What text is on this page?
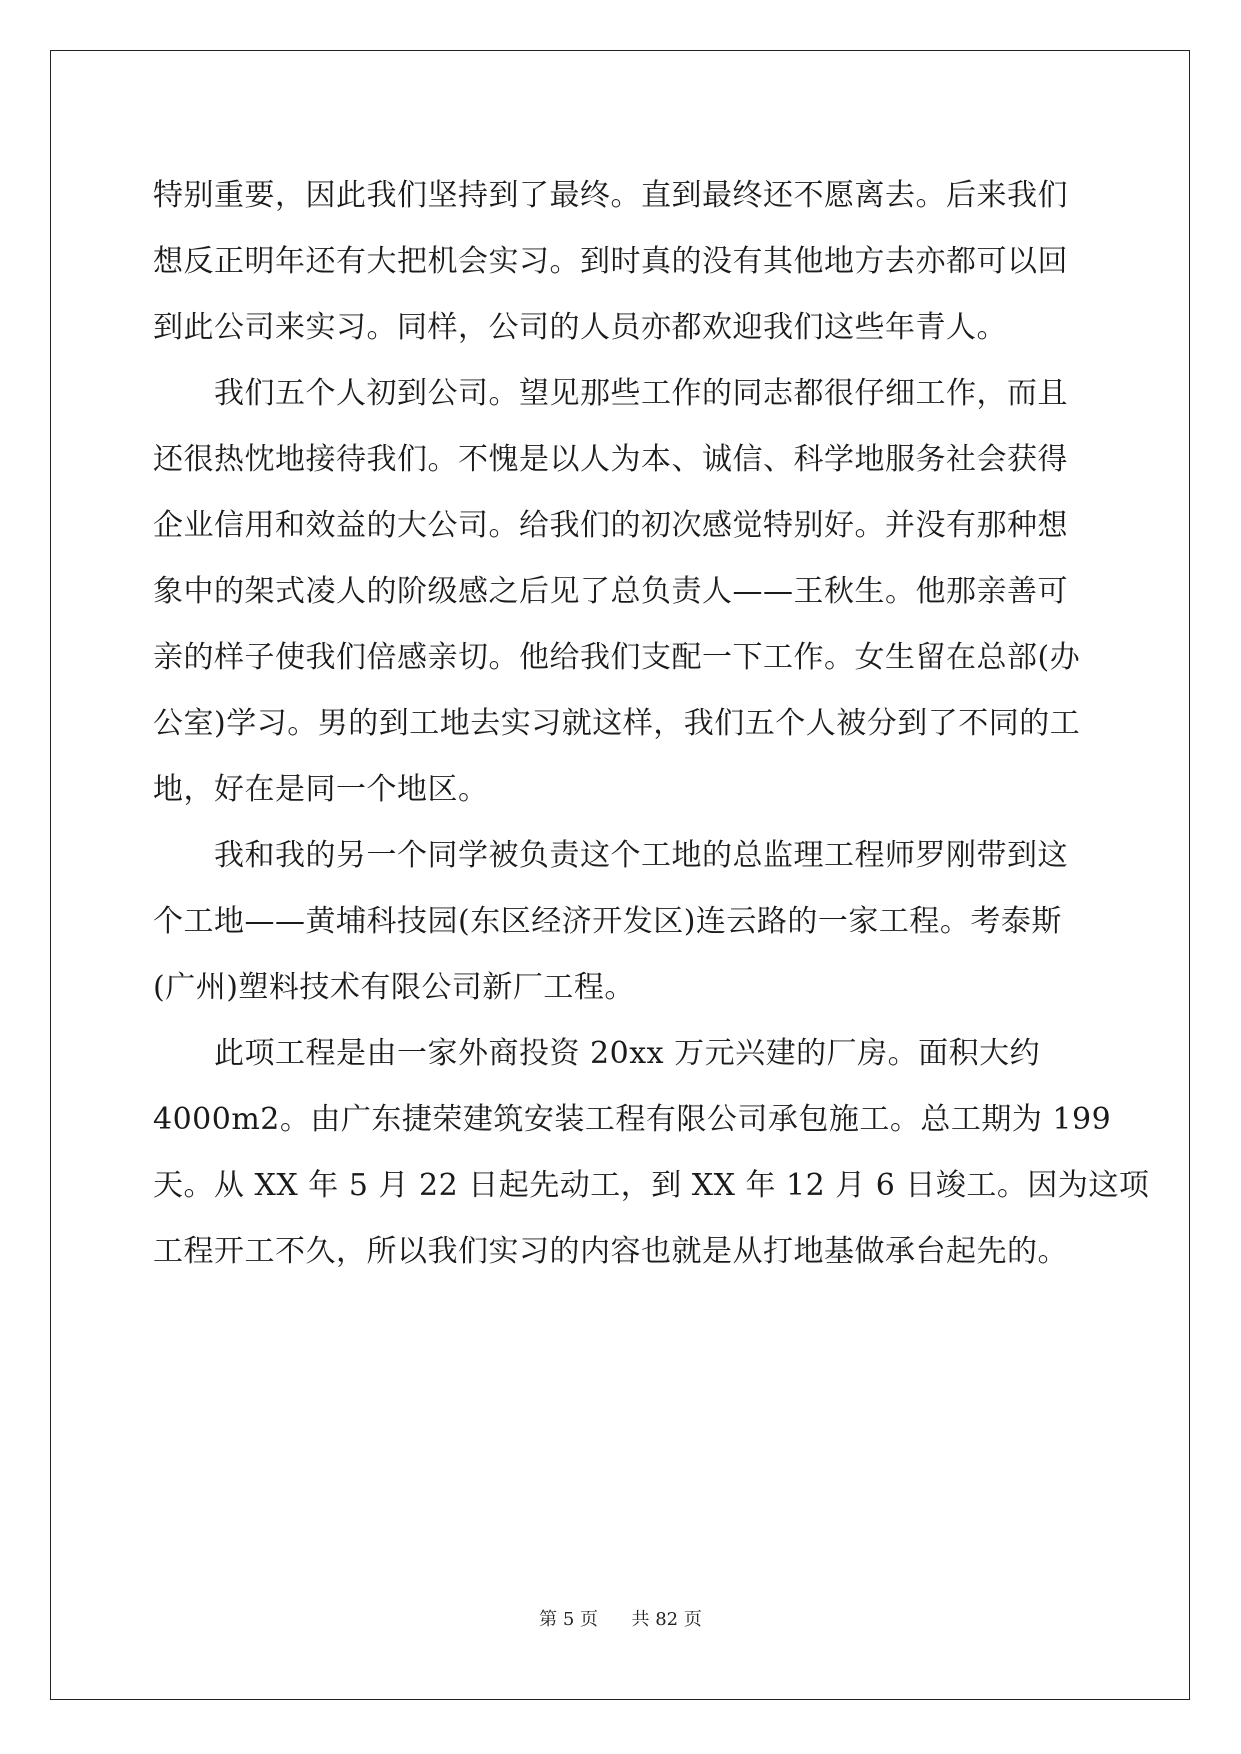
特别重要，因此我们坚持到了最终。直到最终还不愿离去。后来我们
想反正明年还有大把机会实习。到时真的没有其他地方去亦都可以回
到此公司来实习。同样，公司的人员亦都欢迎我们这些年青人。

　　我们五个人初到公司。望见那些工作的同志都很仔细工作，而且
还很热忱地接待我们。不愧是以人为本、诚信、科学地服务社会获得
企业信用和效益的大公司。给我们的初次感觉特别好。并没有那种想
象中的架式凌人的阶级感之后见了总负责人——王秋生。他那亲善可
亲的样子使我们倍感亲切。他给我们支配一下工作。女生留在总部(办
公室)学习。男的到工地去实习就这样，我们五个人被分到了不同的工
地，好在是同一个地区。

　　我和我的另一个同学被负责这个工地的总监理工程师罗刚带到这
个工地——黄埔科技园(东区经济开发区)连云路的一家工程。考泰斯
(广州)塑料技术有限公司新厂工程。

　　此项工程是由一家外商投资 20xx 万元兴建的厂房。面积大约
4000m2。由广东捷荣建筑安装工程有限公司承包施工。总工期为 199
天。从 XX 年 5 月 22 日起先动工，到 XX 年 12 月 6 日竣工。因为这项
工程开工不久，所以我们实习的内容也就是从打地基做承台起先的。

第 5 页 共 82 页
